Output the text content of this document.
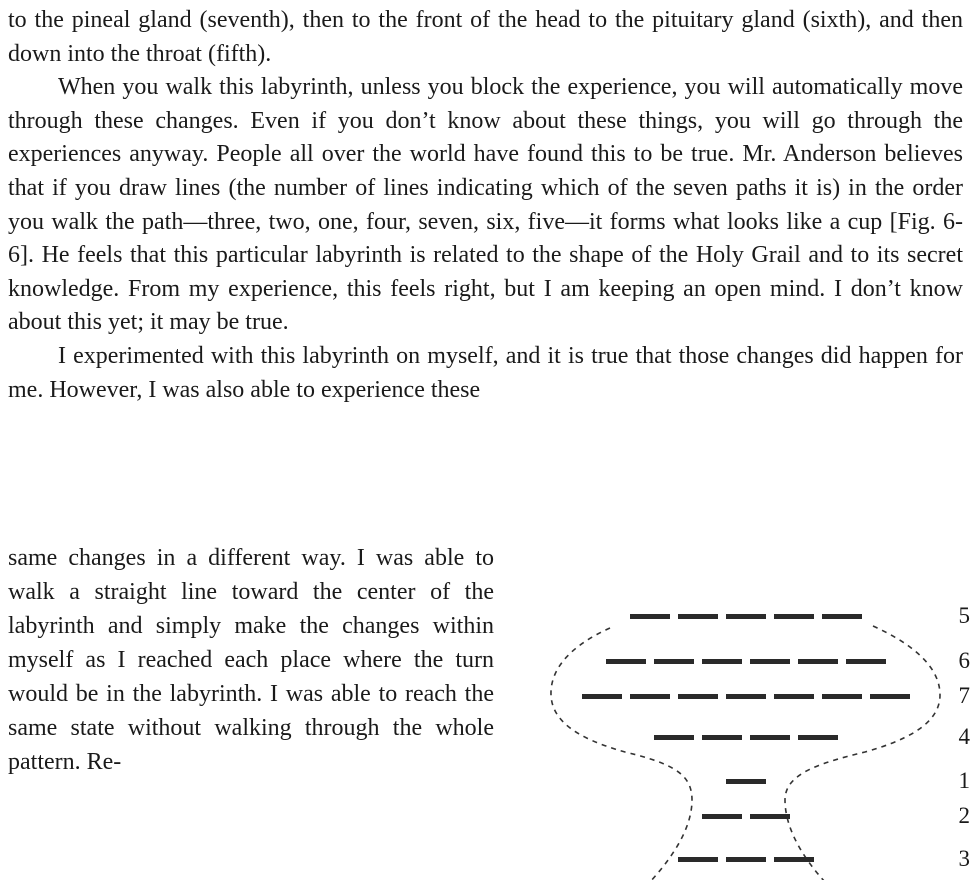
to the pineal gland (seventh), then to the front of the head to the pituitary gland (sixth), and then down into the throat (fifth).

When you walk this labyrinth, unless you block the experience, you will automatically move through these changes. Even if you don’t know about these things, you will go through the experiences anyway. People all over the world have found this to be true. Mr. Anderson believes that if you draw lines (the number of lines indicating which of the seven paths it is) in the order you walk the path—three, two, one, four, seven, six, five—it forms what looks like a cup [Fig. 6-6]. He feels that this particular labyrinth is related to the shape of the Holy Grail and to its secret knowledge. From my experience, this feels right, but I am keeping an open mind. I don’t know about this yet; it may be true.

I experimented with this labyrinth on myself, and it is true that those changes did happen for me. However, I was also able to experience these

same changes in a different way. I was able to walk a straight line toward the center of the labyrinth and simply make the changes within myself as I reached each place where the turn would be in the labyrinth. I was able to reach the same state without walking through the whole pattern. Re-
5
6
7
4
1
2
3
